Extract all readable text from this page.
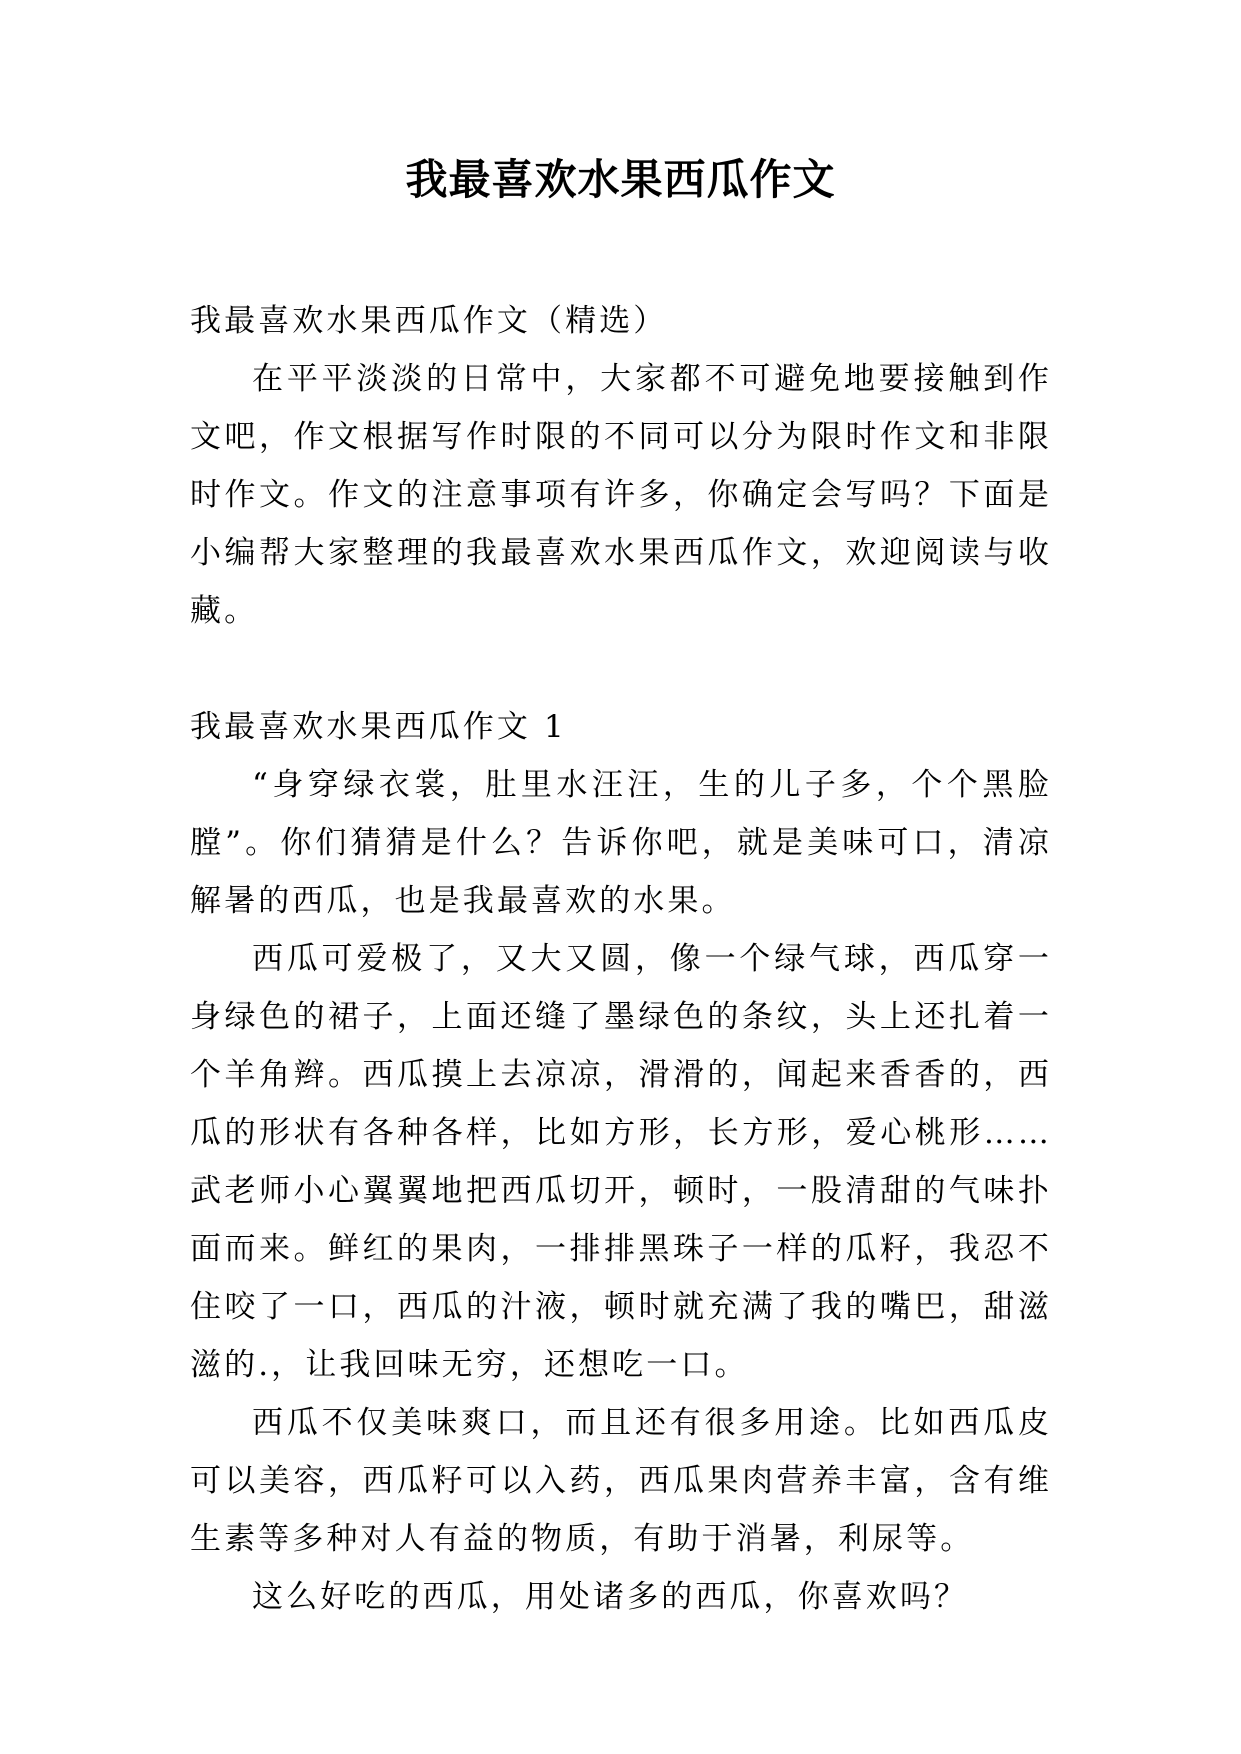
我最喜欢水果西瓜作文

我最喜欢水果西瓜作文（精选）

在平平淡淡的日常中，大家都不可避免地要接触到作文吧，作文根据写作时限的不同可以分为限时作文和非限时作文。作文的注意事项有许多，你确定会写吗？下面是小编帮大家整理的我最喜欢水果西瓜作文，欢迎阅读与收藏。

我最喜欢水果西瓜作文 1

“身穿绿衣裳，肚里水汪汪，生的儿子多，个个黑脸膛”。你们猜猜是什么？告诉你吧，就是美味可口，清凉解暑的西瓜，也是我最喜欢的水果。

西瓜可爱极了，又大又圆，像一个绿气球，西瓜穿一身绿色的裙子，上面还缝了墨绿色的条纹，头上还扎着一个羊角辫。西瓜摸上去凉凉，滑滑的，闻起来香香的，西瓜的形状有各种各样，比如方形，长方形，爱心桃形……武老师小心翼翼地把西瓜切开，顿时，一股清甜的气味扑面而来。鲜红的果肉，一排排黑珠子一样的瓜籽，我忍不住咬了一口，西瓜的汁液，顿时就充满了我的嘴巴，甜滋滋的.，让我回味无穷，还想吃一口。

西瓜不仅美味爽口，而且还有很多用途。比如西瓜皮可以美容，西瓜籽可以入药，西瓜果肉营养丰富，含有维生素等多种对人有益的物质，有助于消暑，利尿等。

这么好吃的西瓜，用处诸多的西瓜，你喜欢吗？
